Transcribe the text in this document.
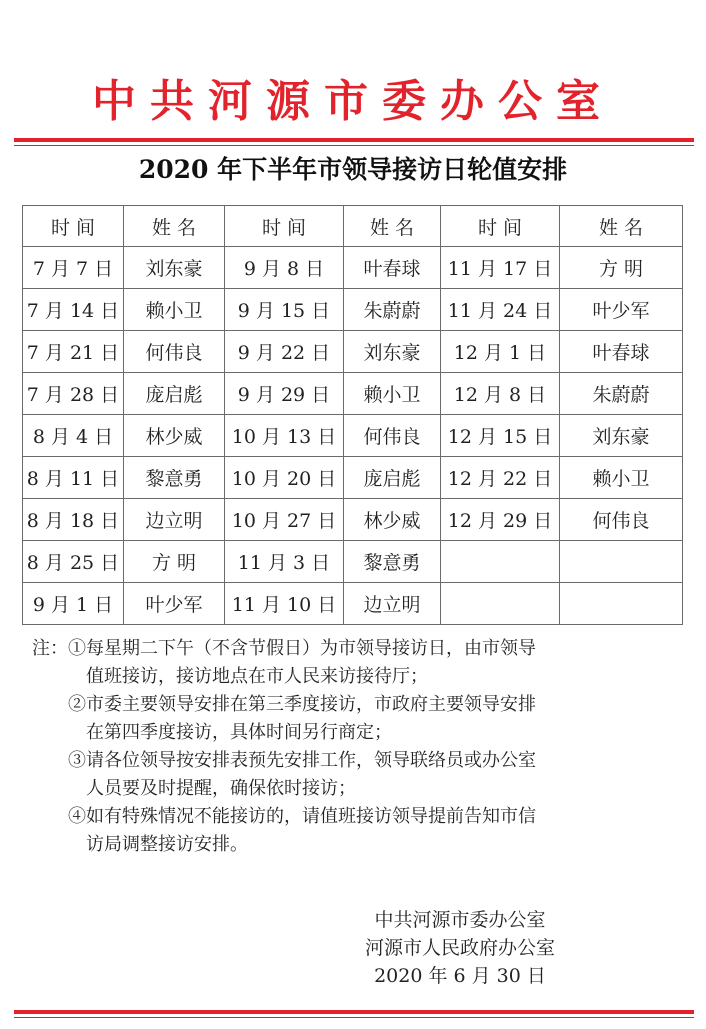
中共河源市委办公室
2020 年下半年市领导接访日轮值安排
时 间	姓 名	时 间	姓 名	时 间	姓 名
7 月 7 日	刘东豪	9 月 8 日	叶春球	11 月 17 日	方 明
7 月 14 日	赖小卫	9 月 15 日	朱蔚蔚	11 月 24 日	叶少军
7 月 21 日	何伟良	9 月 22 日	刘东豪	12 月 1 日	叶春球
7 月 28 日	庞启彪	9 月 29 日	赖小卫	12 月 8 日	朱蔚蔚
8 月 4 日	林少威	10 月 13 日	何伟良	12 月 15 日	刘东豪
8 月 11 日	黎意勇	10 月 20 日	庞启彪	12 月 22 日	赖小卫
8 月 18 日	边立明	10 月 27 日	林少威	12 月 29 日	何伟良
8 月 25 日	方 明	11 月 3 日	黎意勇		
9 月 1 日	叶少军	11 月 10 日	边立明		
注： ①每星期二下午（不含节假日）为市领导接访日，由市领导
值班接访，接访地点在市人民来访接待厅；
②市委主要领导安排在第三季度接访，市政府主要领导安排
在第四季度接访，具体时间另行商定；
③请各位领导按安排表预先安排工作，领导联络员或办公室
人员要及时提醒，确保依时接访；
④如有特殊情况不能接访的，请值班接访领导提前告知市信
访局调整接访安排。
中共河源市委办公室
河源市人民政府办公室
2020 年 6 月 30 日
